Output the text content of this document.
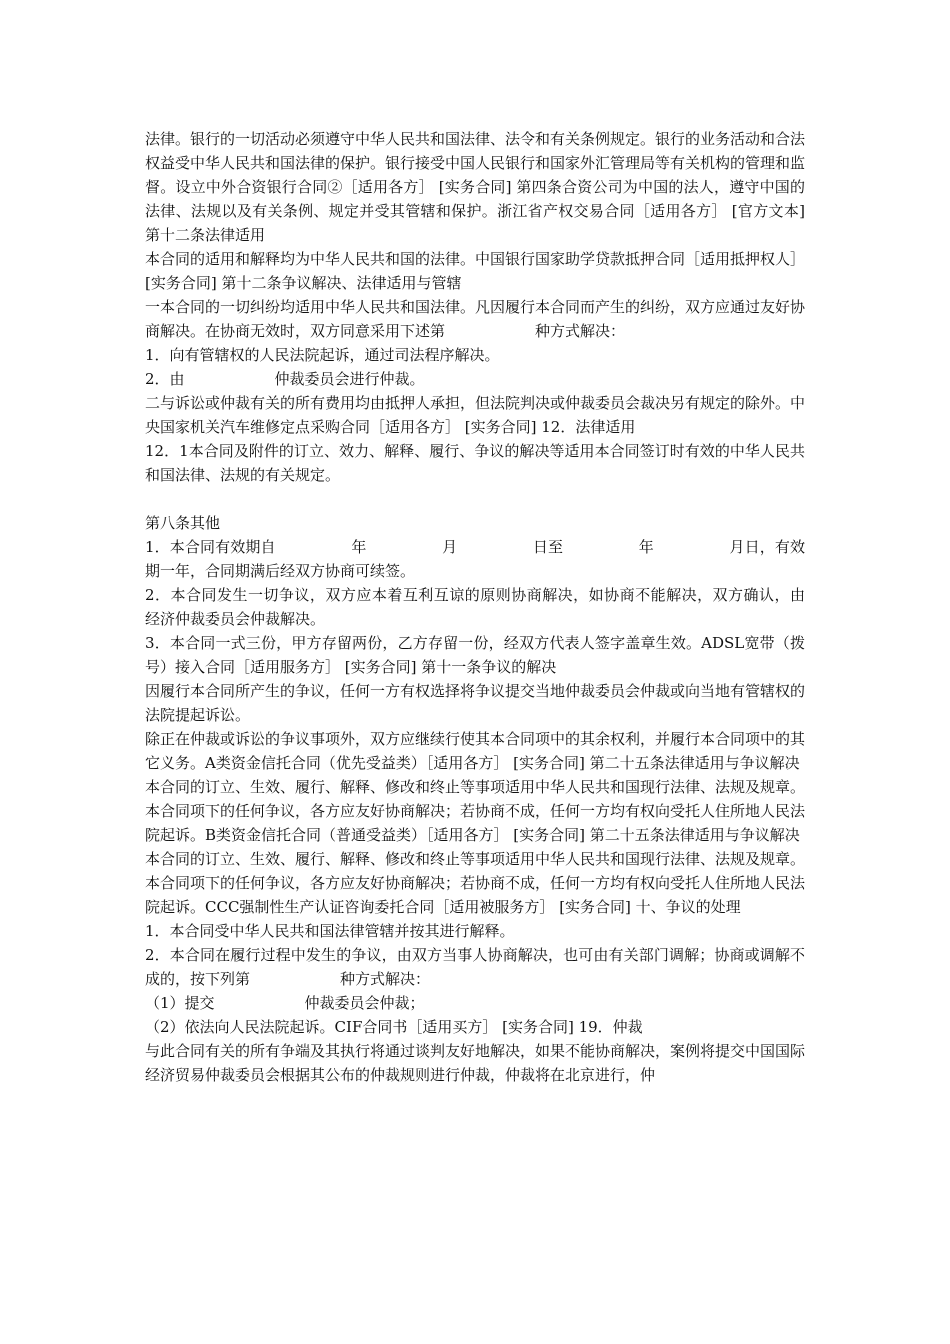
法律。银行的一切活动必须遵守中华人民共和国法律、法令和有关条例规定。银行的业务活动和合法权益受中华人民共和国法律的保护。银行接受中国人民银行和国家外汇管理局等有关机构的管理和监督。设立中外合资银行合同②［适用各方］ [实务合同] 第四条合资公司为中国的法人，遵守中国的法律、法规以及有关条例、规定并受其管辖和保护。浙江省产权交易合同［适用各方］ [官方文本] 第十二条法律适用

本合同的适用和解释均为中华人民共和国的法律。中国银行国家助学贷款抵押合同［适用抵押权人］ [实务合同] 第十二条争议解决、法律适用与管辖

一本合同的一切纠纷均适用中华人民共和国法律。凡因履行本合同而产生的纠纷，双方应通过友好协商解决。在协商无效时，双方同意采用下述第　　　　　　种方式解决：

1．向有管辖权的人民法院起诉，通过司法程序解决。

2．由　　　　　　仲裁委员会进行仲裁。

二与诉讼或仲裁有关的所有费用均由抵押人承担，但法院判决或仲裁委员会裁决另有规定的除外。中央国家机关汽车维修定点采购合同［适用各方］ [实务合同] 12．法律适用

12．1本合同及附件的订立、效力、解释、履行、争议的解决等适用本合同签订时有效的中华人民共和国法律、法规的有关规定。

第八条其他

1．本合同有效期自　　　　　年　　　　　月　　　　　日至　　　　　年　　　　　月日，有效期一年，合同期满后经双方协商可续签。

2．本合同发生一切争议，双方应本着互利互谅的原则协商解决，如协商不能解决，双方确认，由　　　　　　经济仲裁委员会仲裁解决。

3．本合同一式三份，甲方存留两份，乙方存留一份，经双方代表人签字盖章生效。ADSL宽带（拨号）接入合同［适用服务方］ [实务合同] 第十一条争议的解决

因履行本合同所产生的争议，任何一方有权选择将争议提交当地仲裁委员会仲裁或向当地有管辖权的法院提起诉讼。

除正在仲裁或诉讼的争议事项外，双方应继续行使其本合同项中的其余权利，并履行本合同项中的其它义务。A类资金信托合同（优先受益类）［适用各方］ [实务合同] 第二十五条法律适用与争议解决

本合同的订立、生效、履行、解释、修改和终止等事项适用中华人民共和国现行法律、法规及规章。

本合同项下的任何争议，各方应友好协商解决；若协商不成，任何一方均有权向受托人住所地人民法院起诉。B类资金信托合同（普通受益类）［适用各方］ [实务合同] 第二十五条法律适用与争议解决

本合同的订立、生效、履行、解释、修改和终止等事项适用中华人民共和国现行法律、法规及规章。本合同项下的任何争议，各方应友好协商解决；若协商不成，任何一方均有权向受托人住所地人民法院起诉。CCC强制性生产认证咨询委托合同［适用被服务方］ [实务合同] 十、争议的处理

1．本合同受中华人民共和国法律管辖并按其进行解释。

2．本合同在履行过程中发生的争议，由双方当事人协商解决，也可由有关部门调解；协商或调解不成的，按下列第　　　　　　种方式解决：

（1）提交　　　　　　仲裁委员会仲裁；

（2）依法向人民法院起诉。CIF合同书［适用买方］ [实务合同] 19．仲裁

与此合同有关的所有争端及其执行将通过谈判友好地解决，如果不能协商解决，案例将提交中国国际经济贸易仲裁委员会根据其公布的仲裁规则进行仲裁，仲裁将在北京进行，仲
